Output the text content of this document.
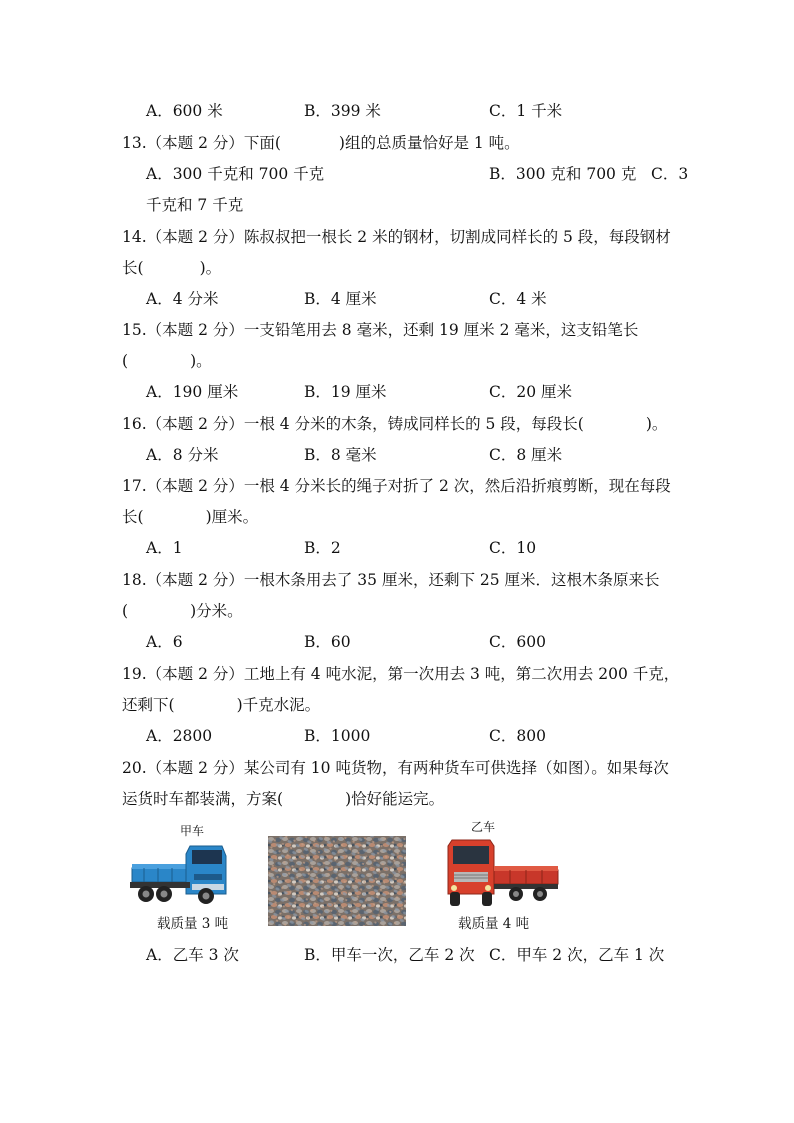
A．600 米	B．399 米	C．1 千米
13.（本题 2 分）下面(	)组的总质量恰好是 1 吨。
A．300 千克和 700 千克	B．300 克和 700 克 C．3
千克和 7 千克
14.（本题 2 分）陈叔叔把一根长 2 米的钢材，切割成同样长的 5 段，每段钢材
长(	)。
A．4 分米	B．4 厘米	C．4 米
15.（本题 2 分）一支铅笔用去 8 毫米，还剩 19 厘米 2 毫米，这支铅笔长
(	)。
A．190 厘米	B．19 厘米	C．20 厘米
16.（本题 2 分）一根 4 分米的木条，铸成同样长的 5 段，每段长(	)。
A．8 分米	B．8 毫米	C．8 厘米
17.（本题 2 分）一根 4 分米长的绳子对折了 2 次，然后沿折痕剪断，现在每段
长(	)厘米。
A．1	B．2	C．10
18.（本题 2 分）一根木条用去了 35 厘米，还剩下 25 厘米．这根木条原来长
(	)分米。
A．6	B．60	C．600
19.（本题 2 分）工地上有 4 吨水泥，第一次用去 3 吨，第二次用去 200 千克，
还剩下(	)千克水泥。
A．2800	B．1000	C．800
20.（本题 2 分）某公司有 10 吨货物，有两种货车可供选择（如图）。如果每次
运货时车都装满，方案(	)恰好能运完。
甲车
载质量 3 吨
乙车
载质量 4 吨
A．乙车 3 次	B．甲车一次，乙车 2 次 C．甲车 2 次，乙车 1 次
